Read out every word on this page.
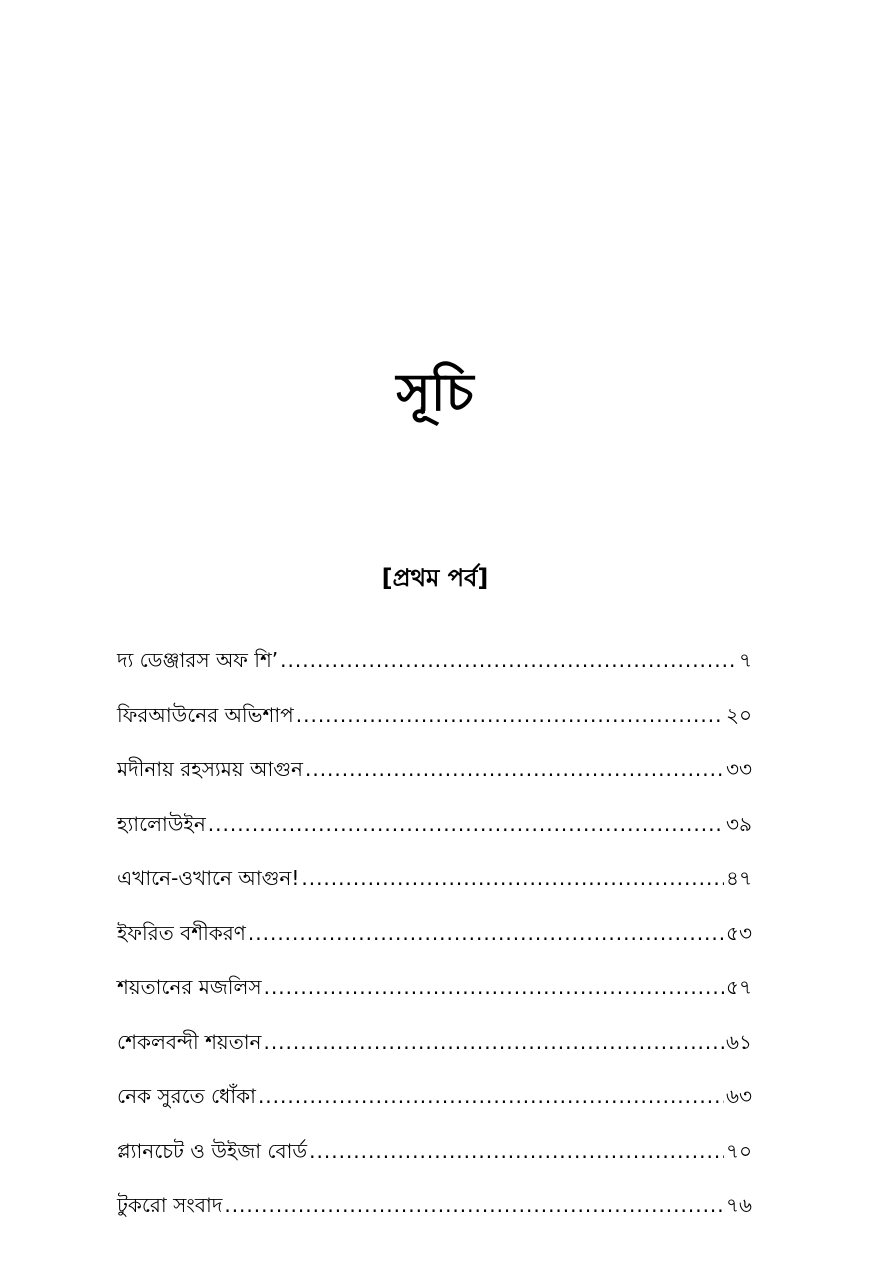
সূচি
[প্রথম পর্ব]
দ্য ডেঞ্জারস অফ শি’ .....	৭
ফিরআউনের অভিশাপ .....	২০
মদীনায় রহস্যময় আগুন .....	৩৩
হ্যালোউইন .....	৩৯
এখানে-ওখানে আগুন! .....	৪৭
ইফরিত বশীকরণ .....	৫৩
শয়তানের মজলিস .....	৫৭
শেকলবন্দী শয়তান .....	৬১
নেক সুরতে ধোঁকা .....	৬৩
প্ল্যানচেট ও উইজা বোর্ড .....	৭০
টুকরো সংবাদ .....	৭৬
